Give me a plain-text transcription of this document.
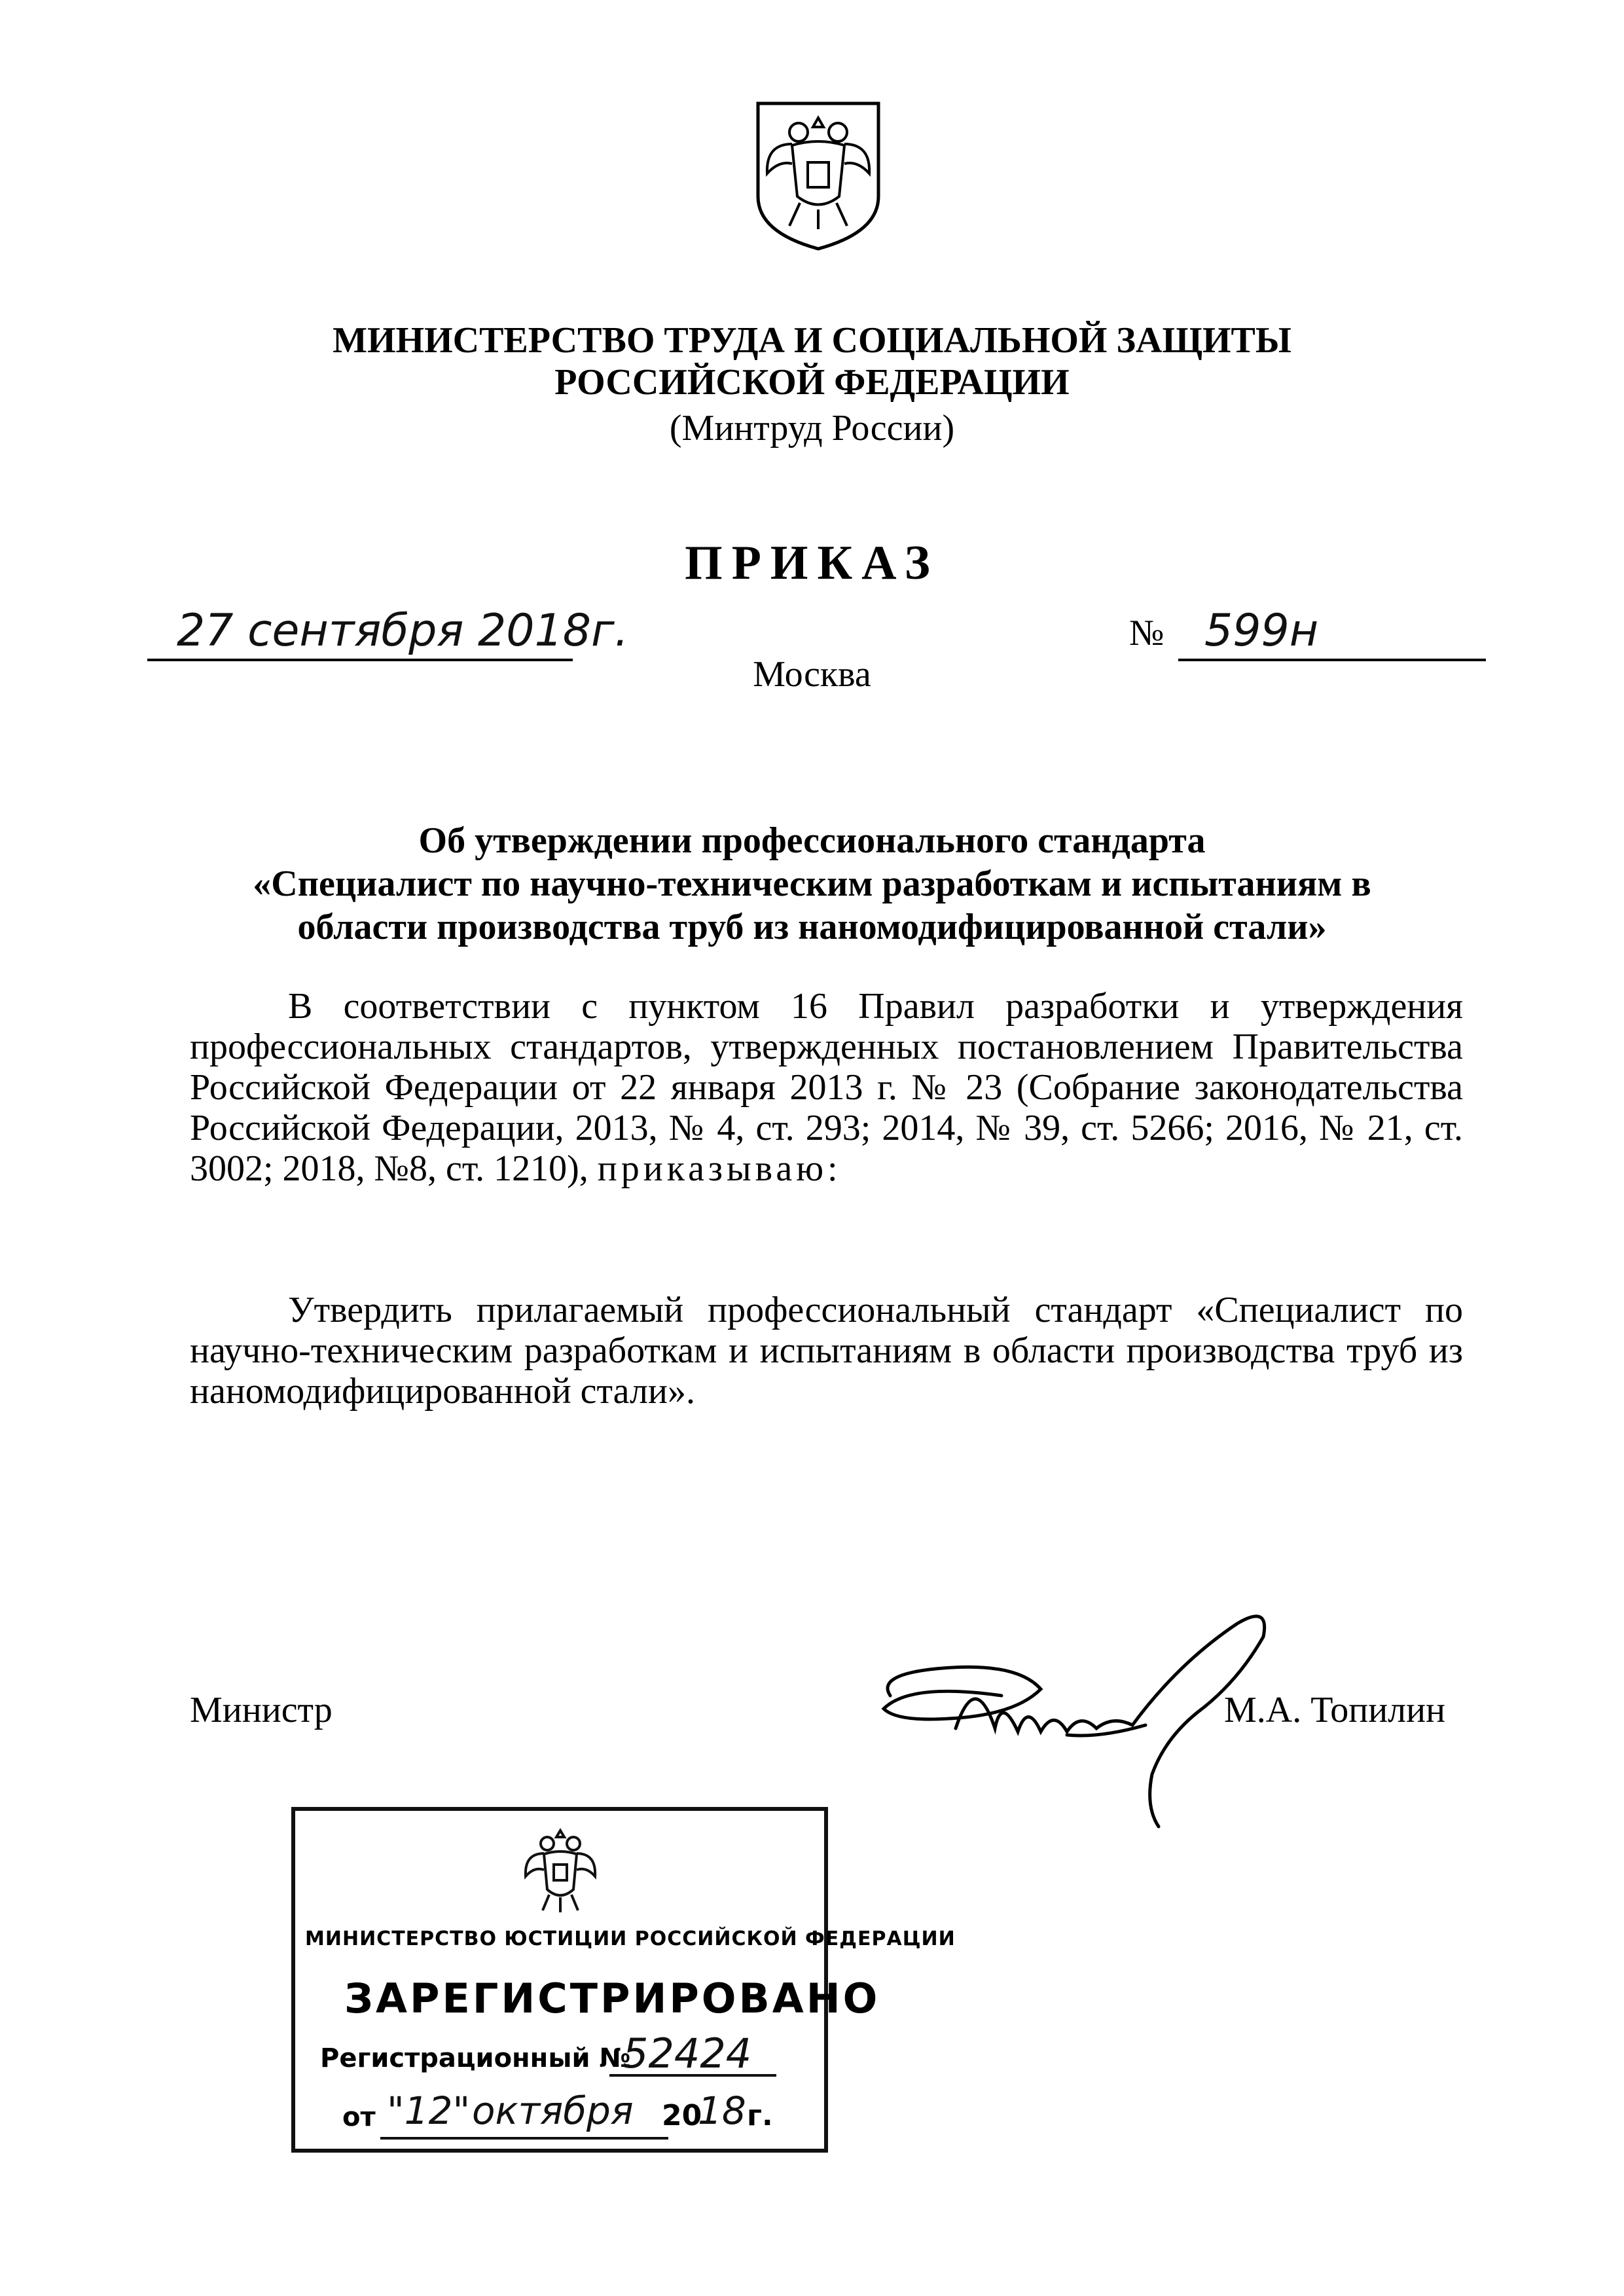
МИНИСТЕРСТВО ТРУДА И СОЦИАЛЬНОЙ ЗАЩИТЫ
РОССИЙСКОЙ ФЕДЕРАЦИИ
(Минтруд России)
ПРИКАЗ
27 сентября 2018г.	№ 599н
Москва
Об утверждении профессионального стандарта
«Специалист по научно-техническим разработкам и испытаниям в
области производства труб из наномодифицированной стали»
В соответствии с пунктом 16 Правил разработки и утверждения профессиональных стандартов, утвержденных постановлением Правительства Российской Федерации от 22 января 2013 г. № 23 (Собрание законодательства Российской Федерации, 2013, № 4, ст. 293; 2014, № 39, ст. 5266; 2016, № 21, ст. 3002; 2018, №8, ст. 1210), приказываю:
Утвердить прилагаемый профессиональный стандарт «Специалист по научно-техническим разработкам и испытаниям в области производства труб из наномодифицированной стали».
Министр	М.А. Топилин
МИНИСТЕРСТВО ЮСТИЦИИ РОССИЙСКОЙ ФЕДЕРАЦИИ
ЗАРЕГИСТРИРОВАНО
Регистрационный №
52424
от "12" октября 20
18 г.
